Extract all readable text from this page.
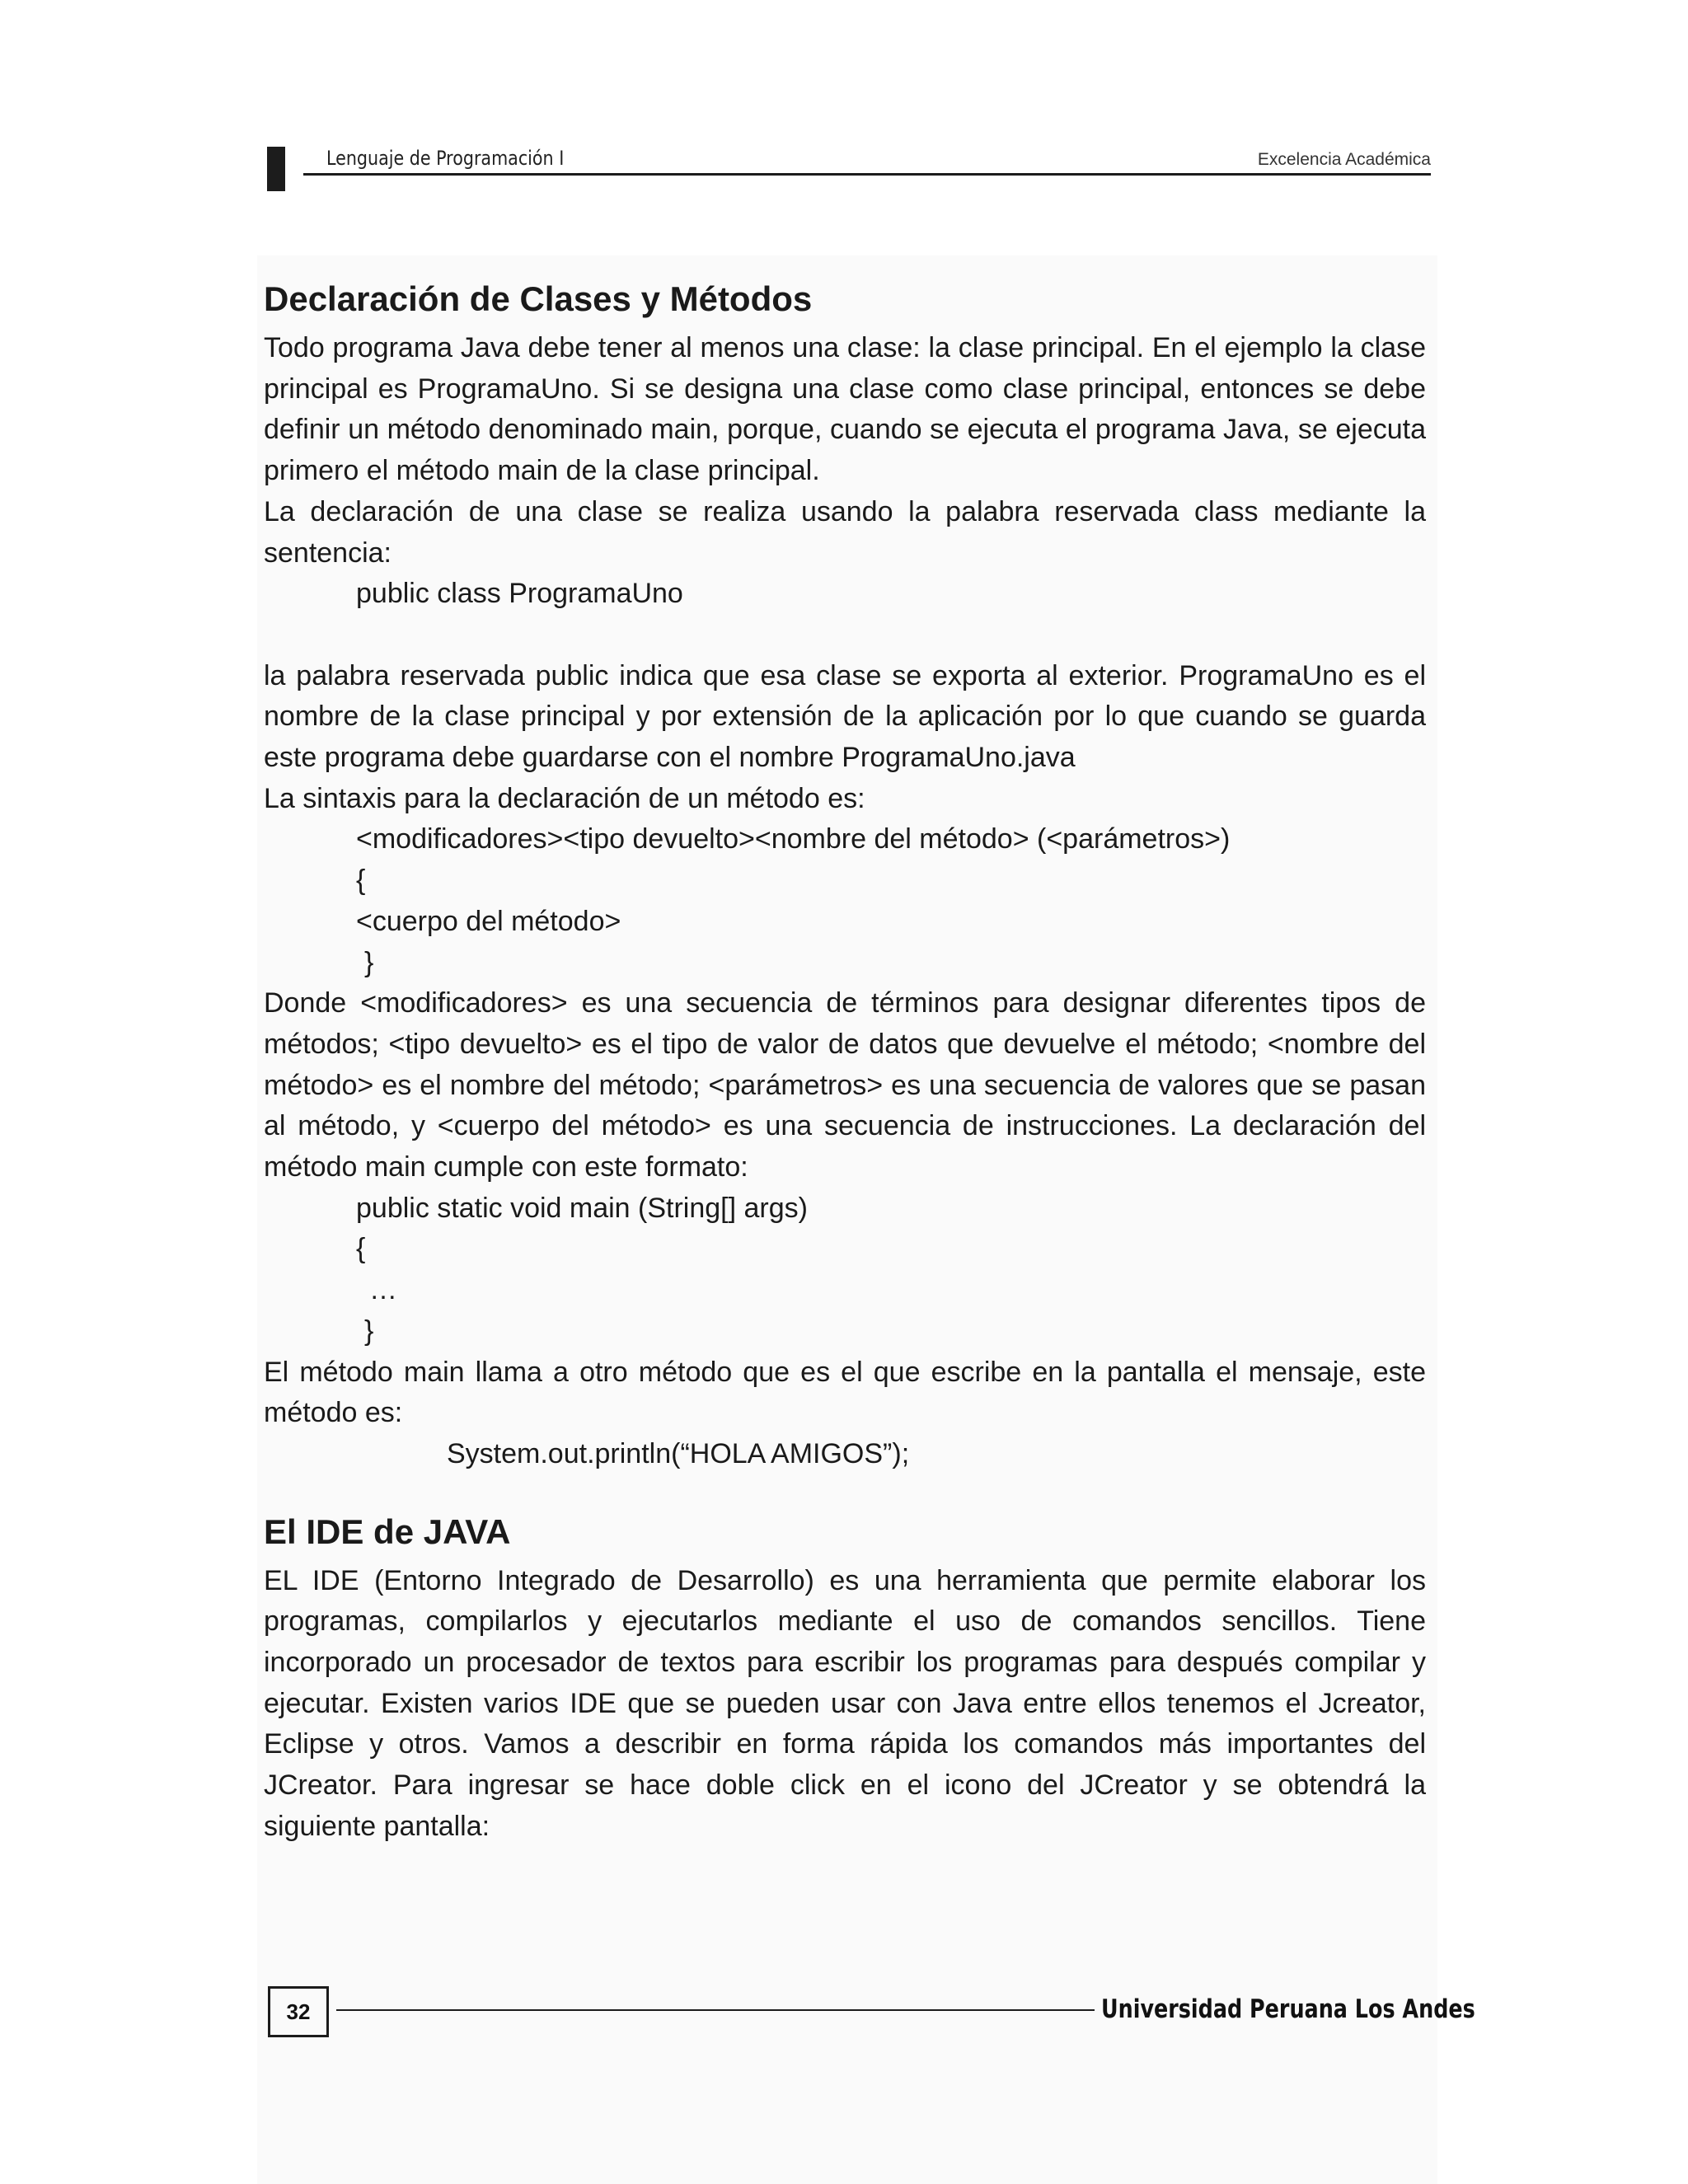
Lenguaje de Programación I	Excelencia Académica
Declaración de Clases y Métodos

Todo programa Java debe tener al menos una clase: la clase principal. En el ejemplo la clase principal es ProgramaUno. Si se designa una clase como clase principal, entonces se debe definir un método denominado main, porque, cuando se ejecuta el programa Java, se ejecuta primero el método main de la clase principal.

La declaración de una clase se realiza usando la palabra reservada class mediante la sentencia:

public class ProgramaUno

la palabra reservada public indica que esa clase se exporta al exterior. ProgramaUno es el nombre de la clase principal y por extensión de la aplicación por lo que cuando se guarda este programa debe guardarse con el nombre ProgramaUno.java

La sintaxis para la declaración de un método es:

<modificadores><tipo devuelto><nombre del método> (<parámetros>)

{

<cuerpo del método>

}

Donde <modificadores> es una secuencia de términos para designar diferentes tipos de métodos; <tipo devuelto> es el tipo de valor de datos que devuelve el método; <nombre del método> es el nombre del método; <parámetros> es una secuencia de valores que se pasan al método, y <cuerpo del método> es una secuencia de instrucciones. La declaración del método main cumple con este formato:

public static void main (String[] args)

{

…

}

El método main llama a otro método que es el que escribe en la pantalla el mensaje, este método es:

System.out.println(“HOLA AMIGOS”);

El IDE de JAVA

EL IDE (Entorno Integrado de Desarrollo) es una herramienta que permite elaborar los programas, compilarlos y ejecutarlos mediante el uso de comandos sencillos. Tiene incorporado un procesador de textos para escribir los programas para después compilar y ejecutar. Existen varios IDE que se pueden usar con Java entre ellos tenemos el Jcreator, Eclipse y otros. Vamos a describir en forma rápida los comandos más importantes del JCreator. Para ingresar se hace doble click en el icono del JCreator y se obtendrá la siguiente pantalla:

32	Universidad Peruana Los Andes
